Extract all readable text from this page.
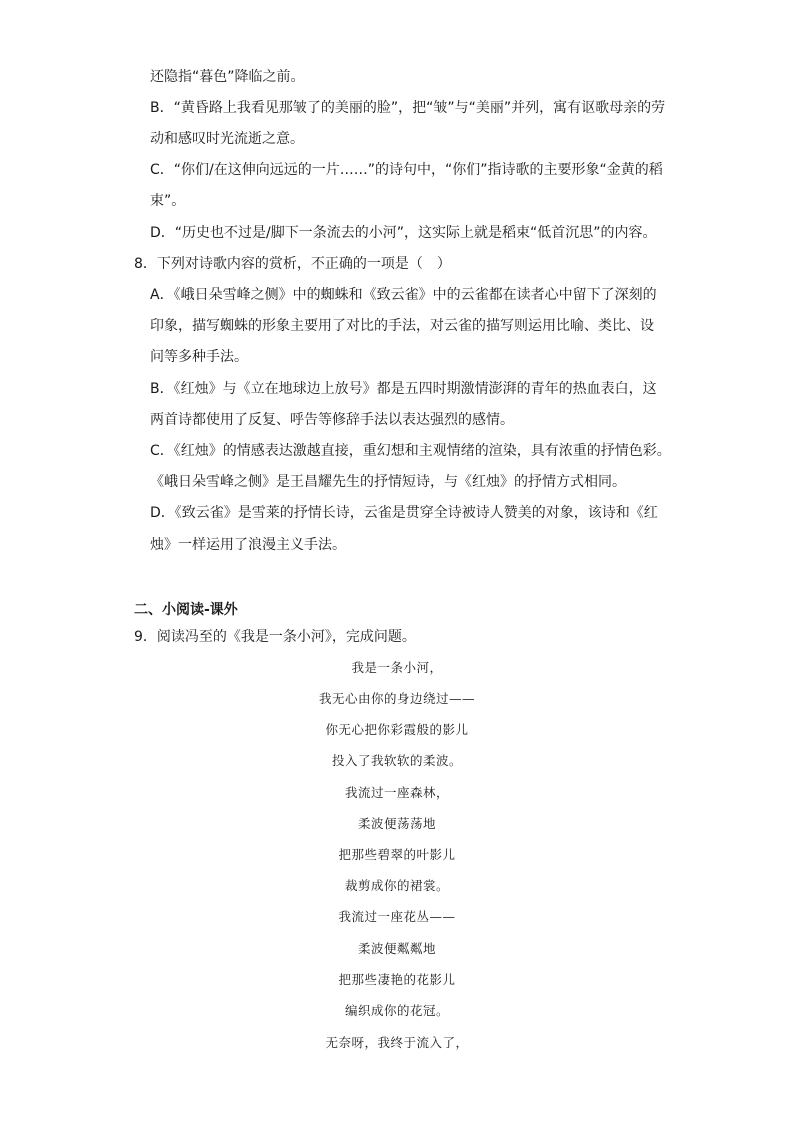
还隐指“暮色”降临之前。
B．“黄昏路上我看见那皱了的美丽的脸”，把“皱”与“美丽”并列，寓有讴歌母亲的劳
动和感叹时光流逝之意。
C．“你们/在这伸向远远的一片……”的诗句中，“你们”指诗歌的主要形象“金黄的稻
束”。
D．“历史也不过是/脚下一条流去的小河”，这实际上就是稻束“低首沉思”的内容。
8．下列对诗歌内容的赏析，不正确的一项是（　）
A．《峨日朵雪峰之侧》中的蜘蛛和《致云雀》中的云雀都在读者心中留下了深刻的
印象，描写蜘蛛的形象主要用了对比的手法，对云雀的描写则运用比喻、类比、设
问等多种手法。
B．《红烛》与《立在地球边上放号》都是五四时期激情澎湃的青年的热血表白，这
两首诗都使用了反复、呼告等修辞手法以表达强烈的感情。
C．《红烛》的情感表达激越直接，重幻想和主观情绪的渲染，具有浓重的抒情色彩。
《峨日朵雪峰之侧》是王昌耀先生的抒情短诗，与《红烛》的抒情方式相同。
D．《致云雀》是雪莱的抒情长诗，云雀是贯穿全诗被诗人赞美的对象，该诗和《红
烛》一样运用了浪漫主义手法。
二、小阅读-课外
9．阅读冯至的《我是一条小河》，完成问题。
我是一条小河，
我无心由你的身边绕过——
你无心把你彩霞般的影儿
投入了我软软的柔波。
我流过一座森林，
柔波便荡荡地
把那些碧翠的叶影儿
裁剪成你的裙裳。
我流过一座花丛——
柔波便粼粼地
把那些凄艳的花影儿
编织成你的花冠。
无奈呀，我终于流入了，
